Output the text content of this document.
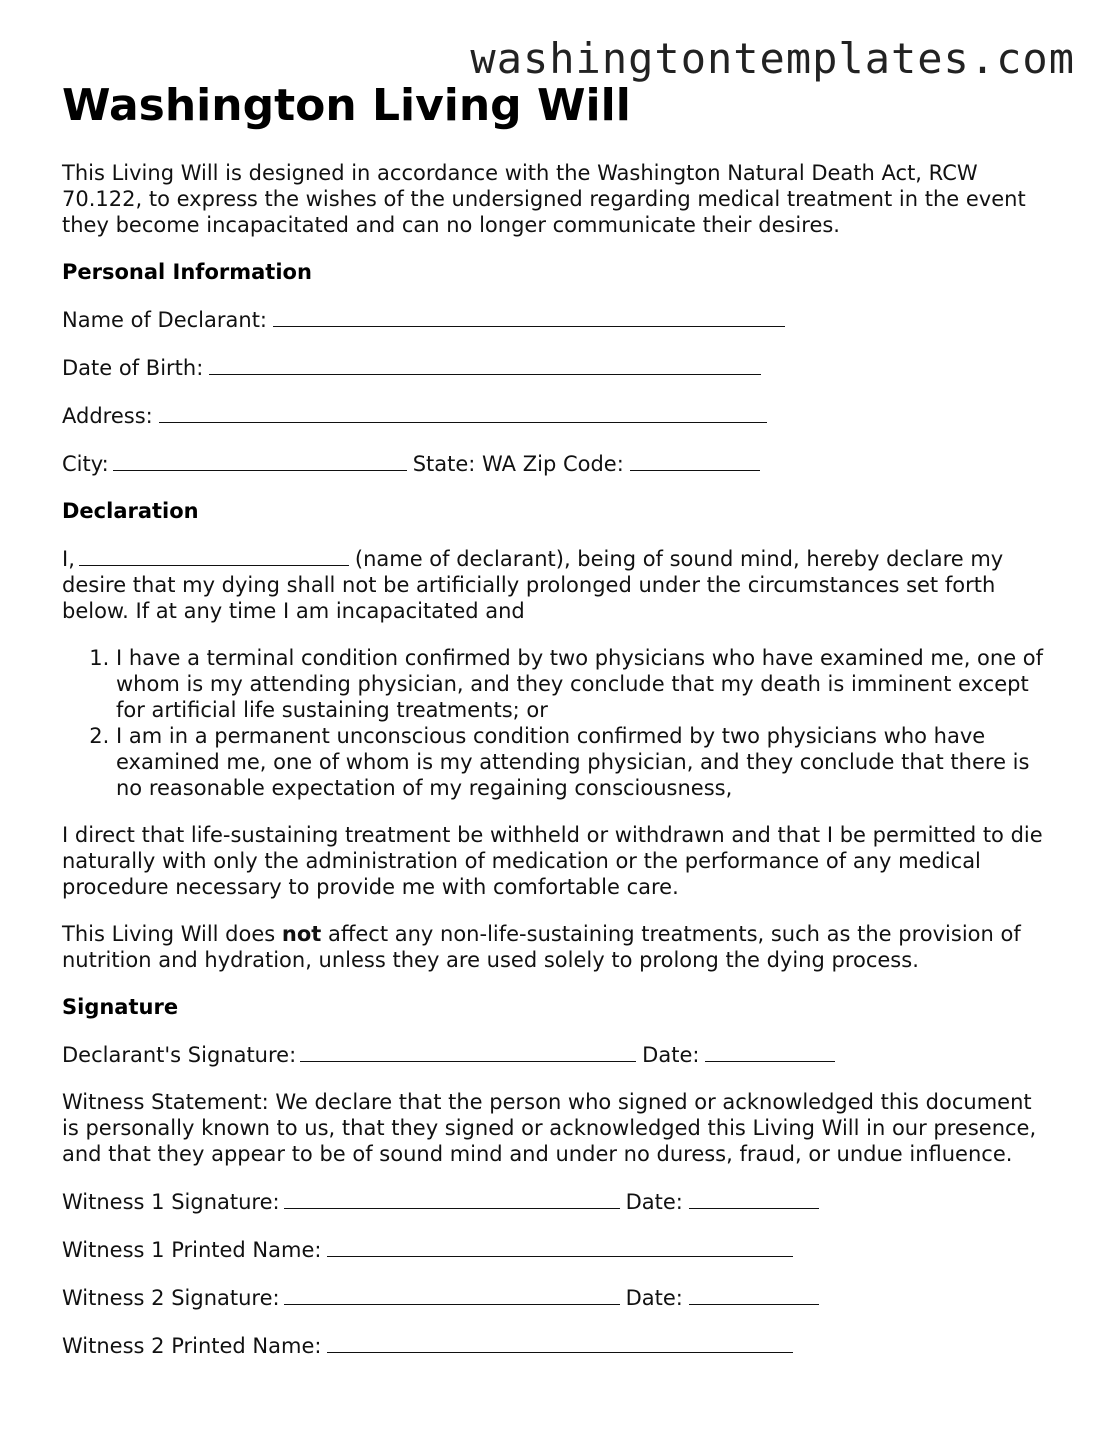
washingtontemplates.com
Washington Living Will

This Living Will is designed in accordance with the Washington Natural Death Act, RCW 70.122, to express the wishes of the undersigned regarding medical treatment in the event they become incapacitated and can no longer communicate their desires.

Personal Information
Name of Declarant:
Date of Birth:
Address:
City:	State: WA Zip Code:
Declaration

I,	(name of declarant), being of sound mind, hereby declare my desire that my dying shall not be artificially prolonged under the circumstances set forth below. If at any time I am incapacitated and

1. I have a terminal condition confirmed by two physicians who have examined me, one of whom is my attending physician, and they conclude that my death is imminent except for artificial life sustaining treatments; or
2. I am in a permanent unconscious condition confirmed by two physicians who have examined me, one of whom is my attending physician, and they conclude that there is no reasonable expectation of my regaining consciousness,

I direct that life-sustaining treatment be withheld or withdrawn and that I be permitted to die naturally with only the administration of medication or the performance of any medical procedure necessary to provide me with comfortable care.

This Living Will does not affect any non-life-sustaining treatments, such as the provision of nutrition and hydration, unless they are used solely to prolong the dying process.

Signature
Declarant's Signature:	Date:

Witness Statement: We declare that the person who signed or acknowledged this document is personally known to us, that they signed or acknowledged this Living Will in our presence, and that they appear to be of sound mind and under no duress, fraud, or undue influence.

Witness 1 Signature:	Date:
Witness 1 Printed Name:
Witness 2 Signature:	Date:
Witness 2 Printed Name:
